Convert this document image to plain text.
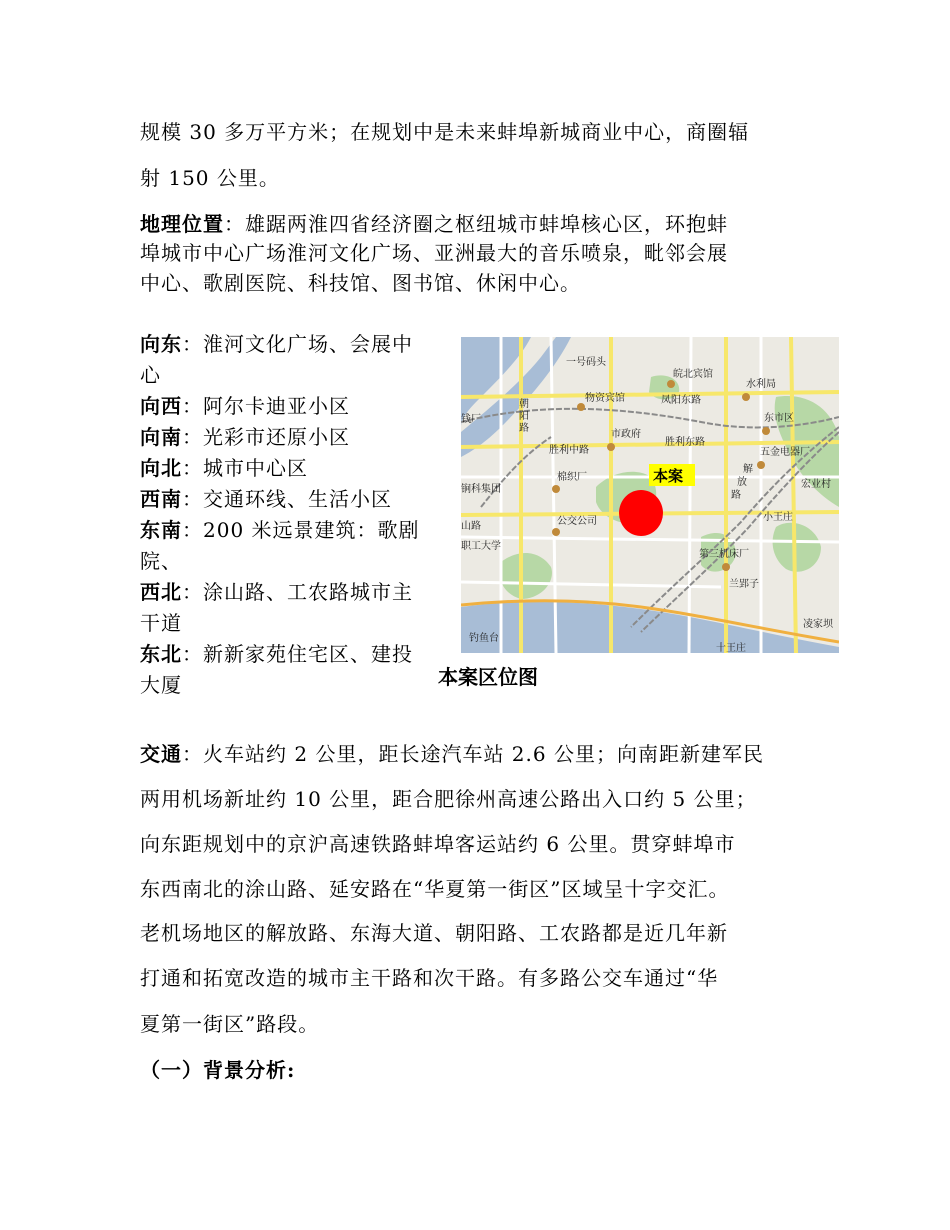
规模 30 多万平方米；在规划中是未来蚌埠新城商业中心，商圈辐
射 150 公里。
地理位置：雄踞两淮四省经济圈之枢纽城市蚌埠核心区，环抱蚌
埠城市中心广场淮河文化广场、亚洲最大的音乐喷泉，毗邻会展
中心、歌剧医院、科技馆、图书馆、休闲中心。
向东：淮河文化广场、会展中
心
向西：阿尔卡迪亚小区
向南：光彩市还原小区
向北：城市中心区
西南：交通环线、生活小区
东南：200 米远景建筑：歌剧
院、
西北：涂山路、工农路城市主
干道
东北：新新家苑住宅区、建投
大厦
一号码头
皖北宾馆
水利局
物资宾馆	凤阳东路
东市区
钱厂
市政府
胜利东路
胜利中路	五金电器厂
棉织厂
宏业村
锏科集团
公交公司	小王庄
山路
职工大学
第三机床厂
兰郢子
钓鱼台
凌家坝
十王庄
朝
阳
路
解
放
路
本案
本案区位图
交通：火车站约 2 公里，距长途汽车站 2.6 公里；向南距新建军民
两用机场新址约 10 公里，距合肥徐州高速公路出入口约 5 公里；
向东距规划中的京沪高速铁路蚌埠客运站约 6 公里。贯穿蚌埠市
东西南北的涂山路、延安路在“华夏第一街区”区域呈十字交汇。
老机场地区的解放路、东海大道、朝阳路、工农路都是近几年新
打通和拓宽改造的城市主干路和次干路。有多路公交车通过“华
夏第一街区”路段。
（一）背景分析:
